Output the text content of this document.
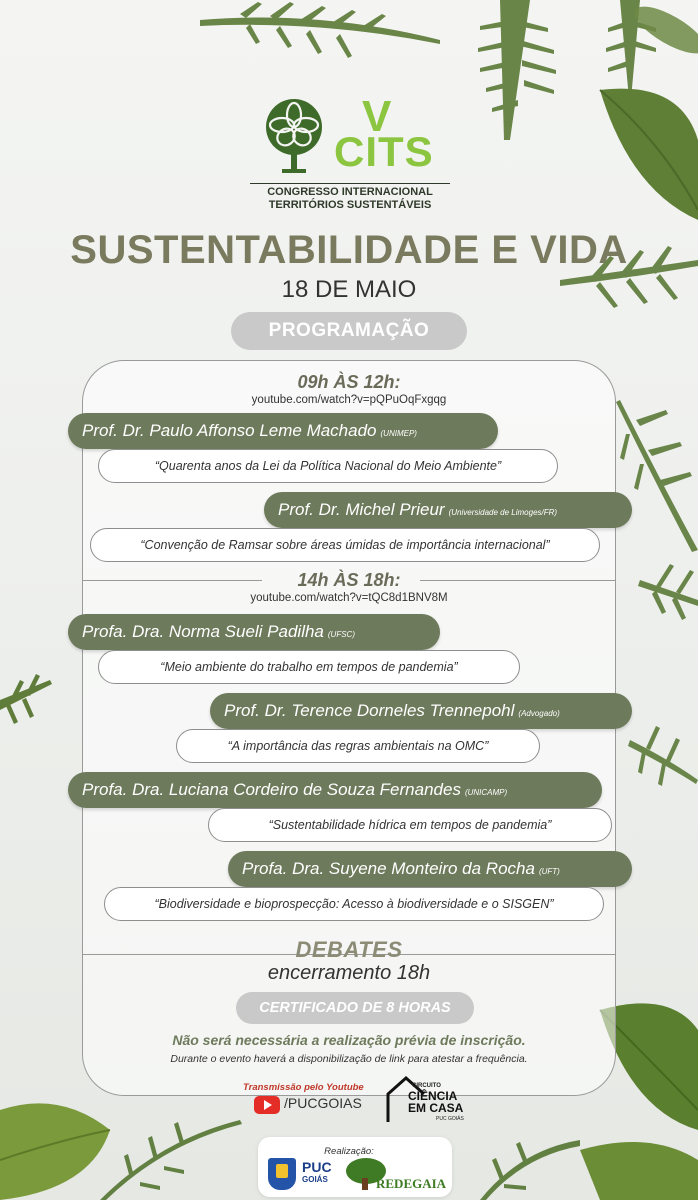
V
CITS
CONGRESSO INTERNACIONAL
TERRITÓRIOS SUSTENTÁVEIS
SUSTENTABILIDADE E VIDA
18 DE MAIO
PROGRAMAÇÃO
09h ÀS 12h:
youtube.com/watch?v=pQPuOqFxgqg
Prof. Dr. Paulo Affonso Leme Machado (UNIMEP)
“Quarenta anos da Lei da Política Nacional do Meio Ambiente”
Prof. Dr. Michel Prieur (Universidade de Limoges/FR)
“Convenção de Ramsar sobre áreas úmidas de importância internacional”
14h ÀS 18h:
youtube.com/watch?v=tQC8d1BNV8M
Profa. Dra. Norma Sueli Padilha (UFSC)
“Meio ambiente do trabalho em tempos de pandemia”
Prof. Dr. Terence Dorneles Trennepohl (Advogado)
“A importância das regras ambientais na OMC”
Profa. Dra. Luciana Cordeiro de Souza Fernandes (UNICAMP)
“Sustentabilidade hídrica em tempos de pandemia”
Profa. Dra. Suyene Monteiro da Rocha (UFT)
“Biodiversidade e bioprospecção: Acesso à biodiversidade e o SISGEN”
DEBATES
encerramento 18h
CERTIFICADO DE 8 HORAS
Não será necessária a realização prévia de inscrição.
Durante o evento haverá a disponibilização de link para atestar a frequência.
Transmissão pelo Youtube
/PUCGOIAS
CIRCUITO
CIÊNCIA
EM CASA
PUC GOIÁS
Realização:
PUC
GOIÁS	REDEGAIA
